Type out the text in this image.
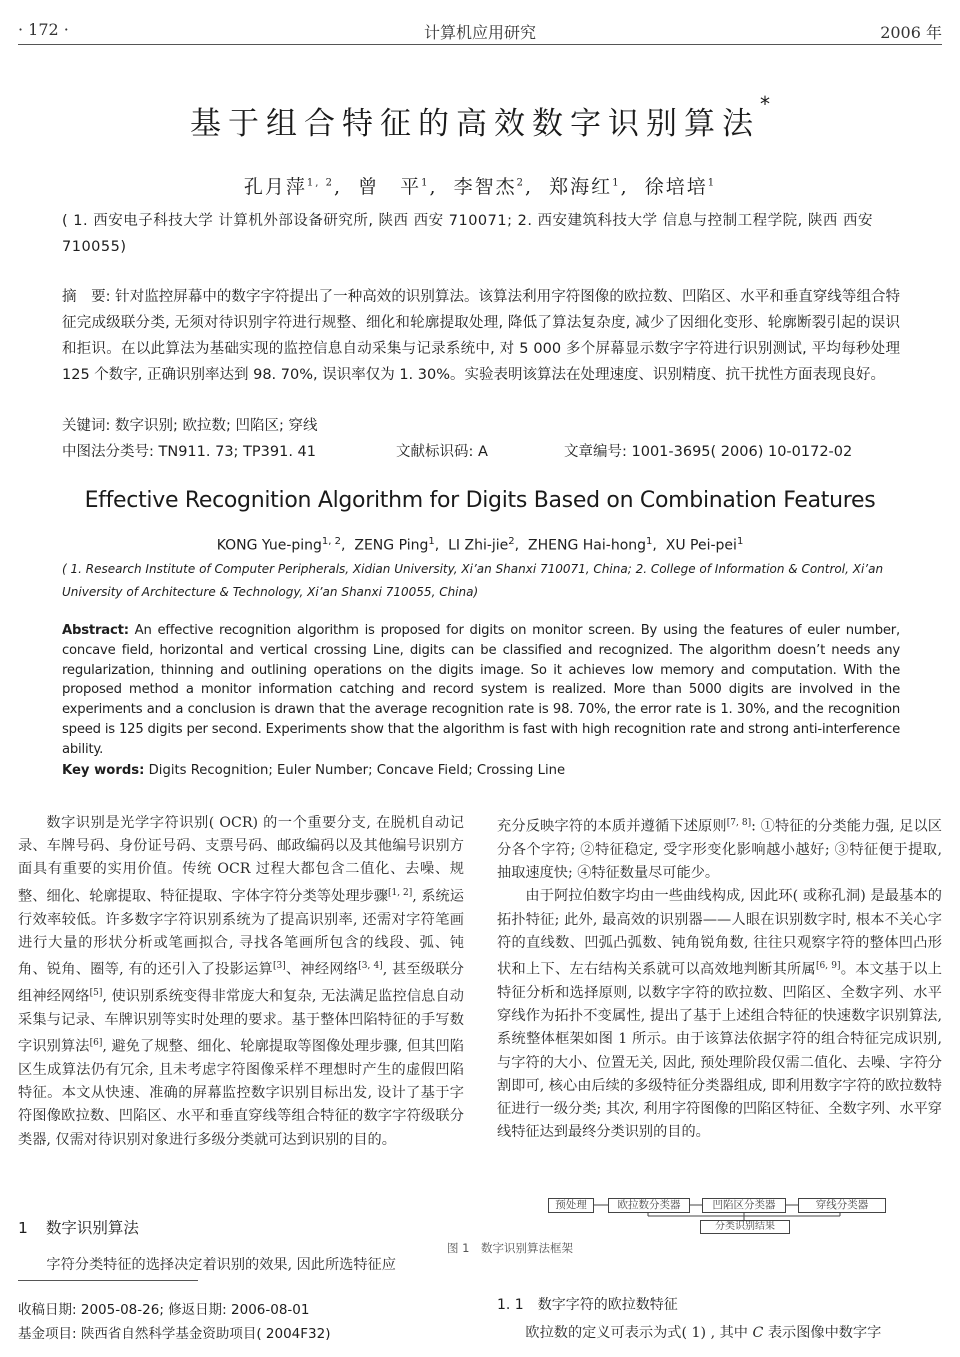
· 172 ·	计算机应用研究	2006 年
基于组合特征的高效数字识别算法*
孔月萍$^{1, 2}$,  曾　平$^1$,  李智杰$^2$,  郑海红$^1$,  徐培培$^1$
( 1. 西安电子科技大学 计算机外部设备研究所, 陕西 西安 710071; 2. 西安建筑科技大学 信息与控制工程学院, 陕西 西安 710055)
摘　要: 针对监控屏幕中的数字字符提出了一种高效的识别算法。该算法利用字符图像的欧拉数、凹陷区、水平和垂直穿线等组合特征完成级联分类, 无须对待识别字符进行规整、细化和轮廓提取处理, 降低了算法复杂度, 减少了因细化变形、轮廓断裂引起的误识和拒识。在以此算法为基础实现的监控信息自动采集与记录系统中, 对 5 000 多个屏幕显示数字字符进行识别测试, 平均每秒处理 125 个数字, 正确识别率达到 98. 70%, 误识率仅为 1. 30%。实验表明该算法在处理速度、识别精度、抗干扰性方面表现良好。
关键词: 数字识别; 欧拉数; 凹陷区; 穿线
中图法分类号: TN911. 73; TP391. 41	文献标识码: A	文章编号: 1001-3695( 2006) 10-0172-02
Effective Recognition Algorithm for Digits Based on Combination Features
KONG Yue-ping$^{1, 2}$,  ZENG Ping$^1$,  LI Zhi-jie$^2$,  ZHENG Hai-hong$^1$,  XU Pei-pei$^1$
( 1. Research Institute of Computer Peripherals, Xidian University, Xi’an Shanxi 710071, China; 2. College of Information & Control, Xi’an University of Architecture & Technology, Xi’an Shanxi 710055, China)
Abstract: An effective recognition algorithm is proposed for digits on monitor screen. By using the features of euler number, concave field, horizontal and vertical crossing Line, digits can be classified and recognized. The algorithm doesn’t needs any regularization, thinning and outlining operations on the digits image. So it achieves low memory and computation. With the proposed method a monitor information catching and record system is realized. More than 5000 digits are involved in the experiments and a conclusion is drawn that the average recognition rate is 98. 70%, the error rate is 1. 30%, and the recognition speed is 125 digits per second. Experiments show that the algorithm is fast with high recognition rate and strong anti-interference ability.
Key words: Digits Recognition; Euler Number; Concave Field; Crossing Line

数字识别是光学字符识别( OCR) 的一个重要分支, 在脱机自动记录、车牌号码、身份证号码、支票号码、邮政编码以及其他编号识别方面具有重要的实用价值。传统 OCR 过程大都包含二值化、去噪、规整、细化、轮廓提取、特征提取、字体字符分类等处理步骤[1, 2], 系统运行效率较低。许多数字字符识别系统为了提高识别率, 还需对字符笔画进行大量的形状分析或笔画拟合, 寻找各笔画所包含的线段、弧、钝角、锐角、圈等, 有的还引入了投影运算[3]、神经网络[3, 4], 甚至级联分组神经网络[5], 使识别系统变得非常庞大和复杂, 无法满足监控信息自动采集与记录、车牌识别等实时处理的要求。基于整体凹陷特征的手写数字识别算法[6], 避免了规整、细化、轮廓提取等图像处理步骤, 但其凹陷区生成算法仍有冗余, 且未考虑字符图像采样不理想时产生的虚假凹陷特征。本文从快速、准确的屏幕监控数字识别目标出发, 设计了基于字符图像欧拉数、凹陷区、水平和垂直穿线等组合特征的数字字符级联分类器, 仅需对待识别对象进行多级分类就可达到识别的目的。

1 数字识别算法

字符分类特征的选择决定着识别的效果, 因此所选特征应

收稿日期: 2005-08-26; 修返日期: 2006-08-01
基金项目: 陕西省自然科学基金资助项目( 2004F32)

充分反映字符的本质并遵循下述原则[7, 8]: ①特征的分类能力强, 足以区分各个字符; ②特征稳定, 受字形变化影响越小越好; ③特征便于提取, 抽取速度快; ④特征数量尽可能少。

由于阿拉伯数字均由一些曲线构成, 因此环( 或称孔洞) 是最基本的拓扑特征; 此外, 最高效的识别器——人眼在识别数字时, 根本不关心字符的直线数、凹弧凸弧数、钝角锐角数, 往往只观察字符的整体凹凸形状和上下、左右结构关系就可以高效地判断其所属[6, 9]。本文基于以上特征分析和选择原则, 以数字字符的欧拉数、凹陷区、全数字列、水平穿线作为拓扑不变属性, 提出了基于上述组合特征的快速数字识别算法, 系统整体框架如图 1 所示。由于该算法依据字符的组合特征完成识别, 与字符的大小、位置无关, 因此, 预处理阶段仅需二值化、去噪、字符分割即可, 核心由后续的多级特征分类器组成, 即利用数字字符的欧拉数特征进行一级分类; 其次, 利用字符图像的凹陷区特征、全数字列、水平穿线特征达到最终分类识别的目的。

预处理	欧拉数分类器	凹陷区分类器	穿线分类器
分类识别结果
图 1　数字识别算法框架
1. 1 数字字符的欧拉数特征

欧拉数的定义可表示为式( 1) , 其中 C 表示图像中数字字
